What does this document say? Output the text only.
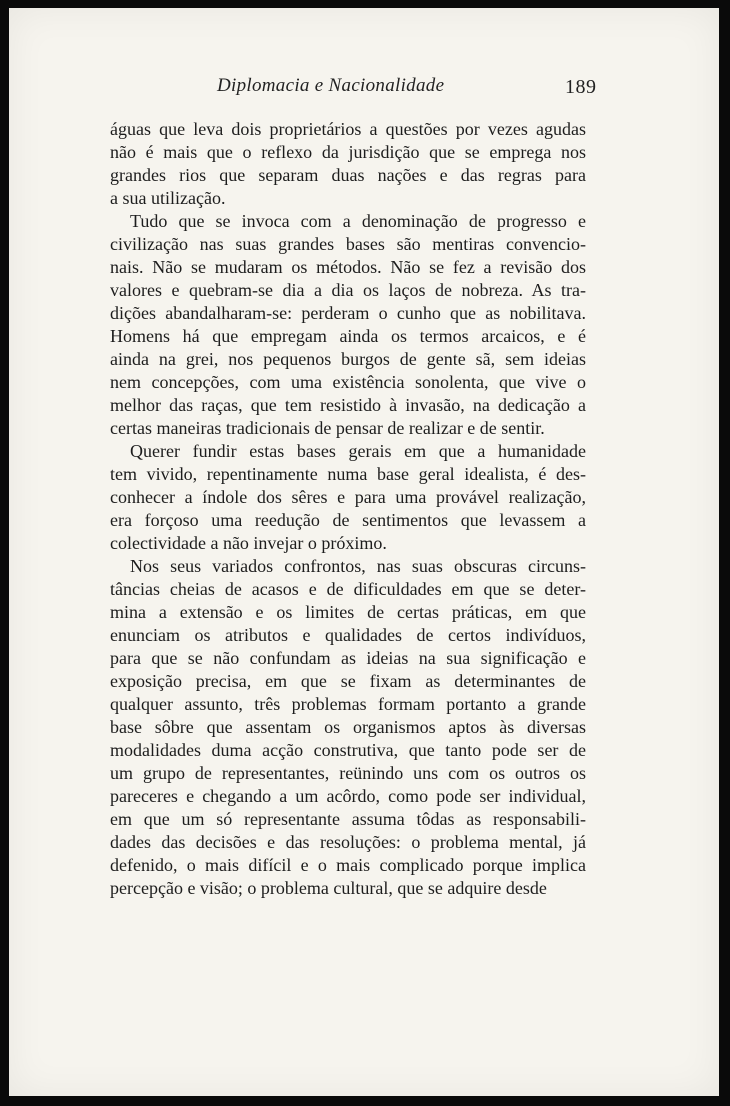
Diplomacia e Nacionalidade	189
águas que leva dois proprietários a questões por vezes agudas
não é mais que o reflexo da jurisdição que se emprega nos
grandes rios que separam duas nações e das regras para
a sua utilização.
Tudo que se invoca com a denominação de progresso e
civilização nas suas grandes bases são mentiras convencio-
nais. Não se mudaram os métodos. Não se fez a revisão dos
valores e quebram-se dia a dia os laços de nobreza. As tra-
dições abandalharam-se: perderam o cunho que as nobilitava.
Homens há que empregam ainda os termos arcaicos, e é
ainda na grei, nos pequenos burgos de gente sã, sem ideias
nem concepções, com uma existência sonolenta, que vive o
melhor das raças, que tem resistido à invasão, na dedicação a
certas maneiras tradicionais de pensar de realizar e de sentir.
Querer fundir estas bases gerais em que a humanidade
tem vivido, repentinamente numa base geral idealista, é des-
conhecer a índole dos sêres e para uma provável realização,
era forçoso uma reedução de sentimentos que levassem a
colectividade a não invejar o próximo.
Nos seus variados confrontos, nas suas obscuras circuns-
tâncias cheias de acasos e de dificuldades em que se deter-
mina a extensão e os limites de certas práticas, em que
enunciam os atributos e qualidades de certos indivíduos,
para que se não confundam as ideias na sua significação e
exposição precisa, em que se fixam as determinantes de
qualquer assunto, três problemas formam portanto a grande
base sôbre que assentam os organismos aptos às diversas
modalidades duma acção construtiva, que tanto pode ser de
um grupo de representantes, reünindo uns com os outros os
pareceres e chegando a um acôrdo, como pode ser individual,
em que um só representante assuma tôdas as responsabili-
dades das decisões e das resoluções: o problema mental, já
defenido, o mais difícil e o mais complicado porque implica
percepção e visão; o problema cultural, que se adquire desde
